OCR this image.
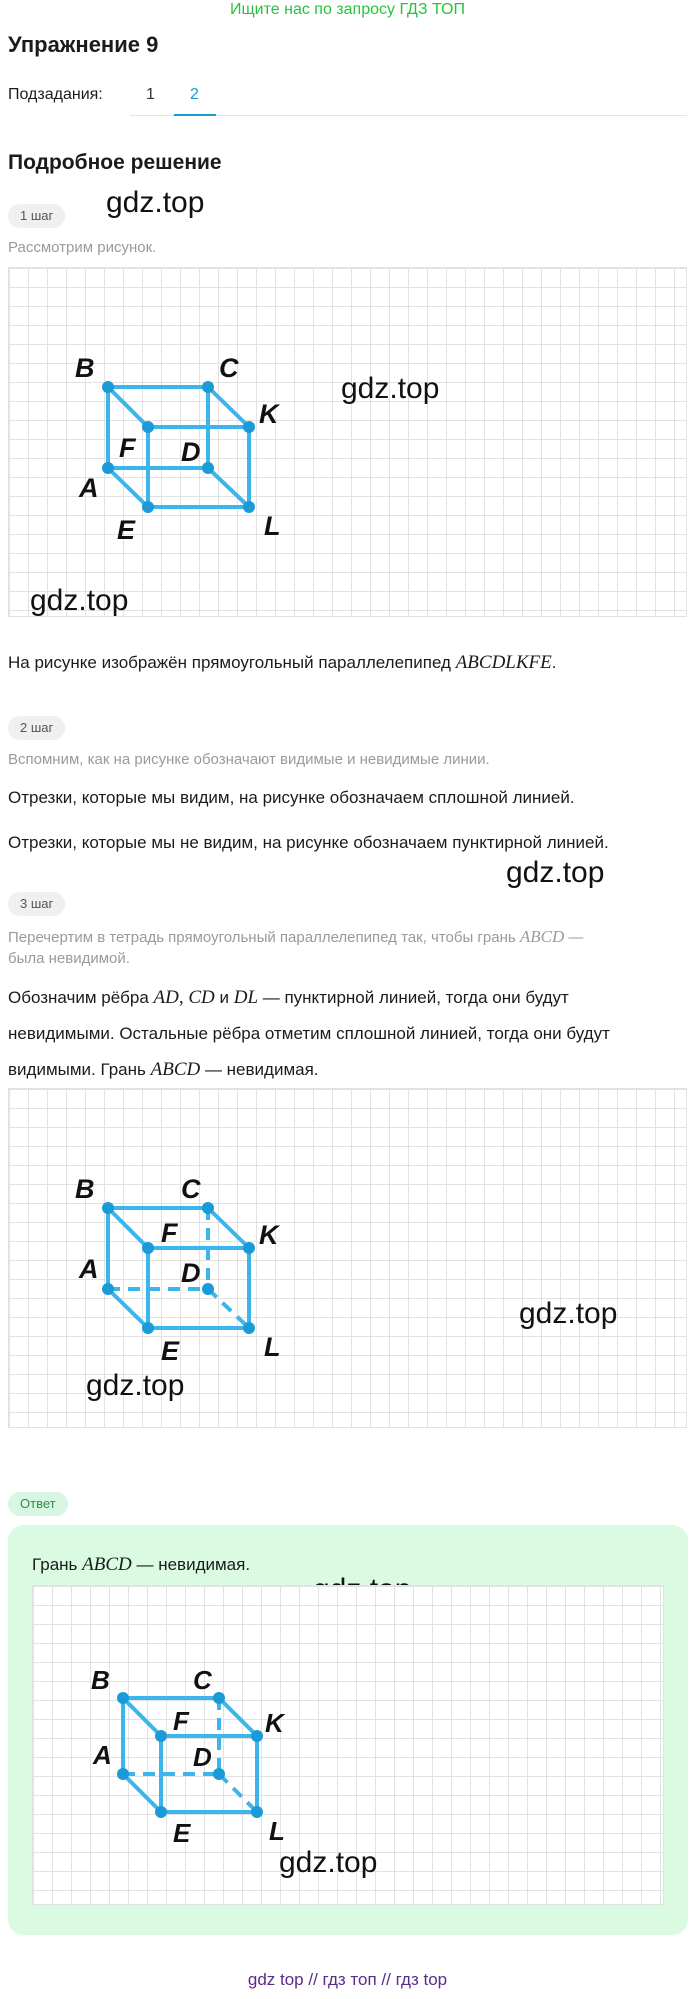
Ищите нас по запросу ГДЗ ТОП
Упражнение 9
Подзадания:	1 2
Подробное решение
1 шаг	gdz.top
Рассмотрим рисунок.
B	C
K
F D
A
E	L
gdz.top
gdz.top
На рисунке изображён прямоугольный параллелепипед ABCDLKFE.
2 шаг
Вспомним, как на рисунке обозначают видимые и невидимые линии.
Отрезки, которые мы видим, на рисунке обозначаем сплошной линией.
Отрезки, которые мы не видим, на рисунке обозначаем пунктирной линией.
gdz.top
3 шаг
Перечертим в тетрадь прямоугольный параллелепипед так, чтобы грань ABCD —
была невидимой.
Обозначим рёбра AD, CD и DL — пунктирной линией, тогда они будут
невидимыми. Остальные рёбра отметим сплошной линией, тогда они будут
видимыми. Грань ABCD — невидимая.
B	C
K
F
D
A
E	L
gdz.top
gdz.top
Ответ
Грань ABCD — невидимая.
B	C
K
F
D
A
E	L
gdz.top
gdz top // гдз топ // гдз top
